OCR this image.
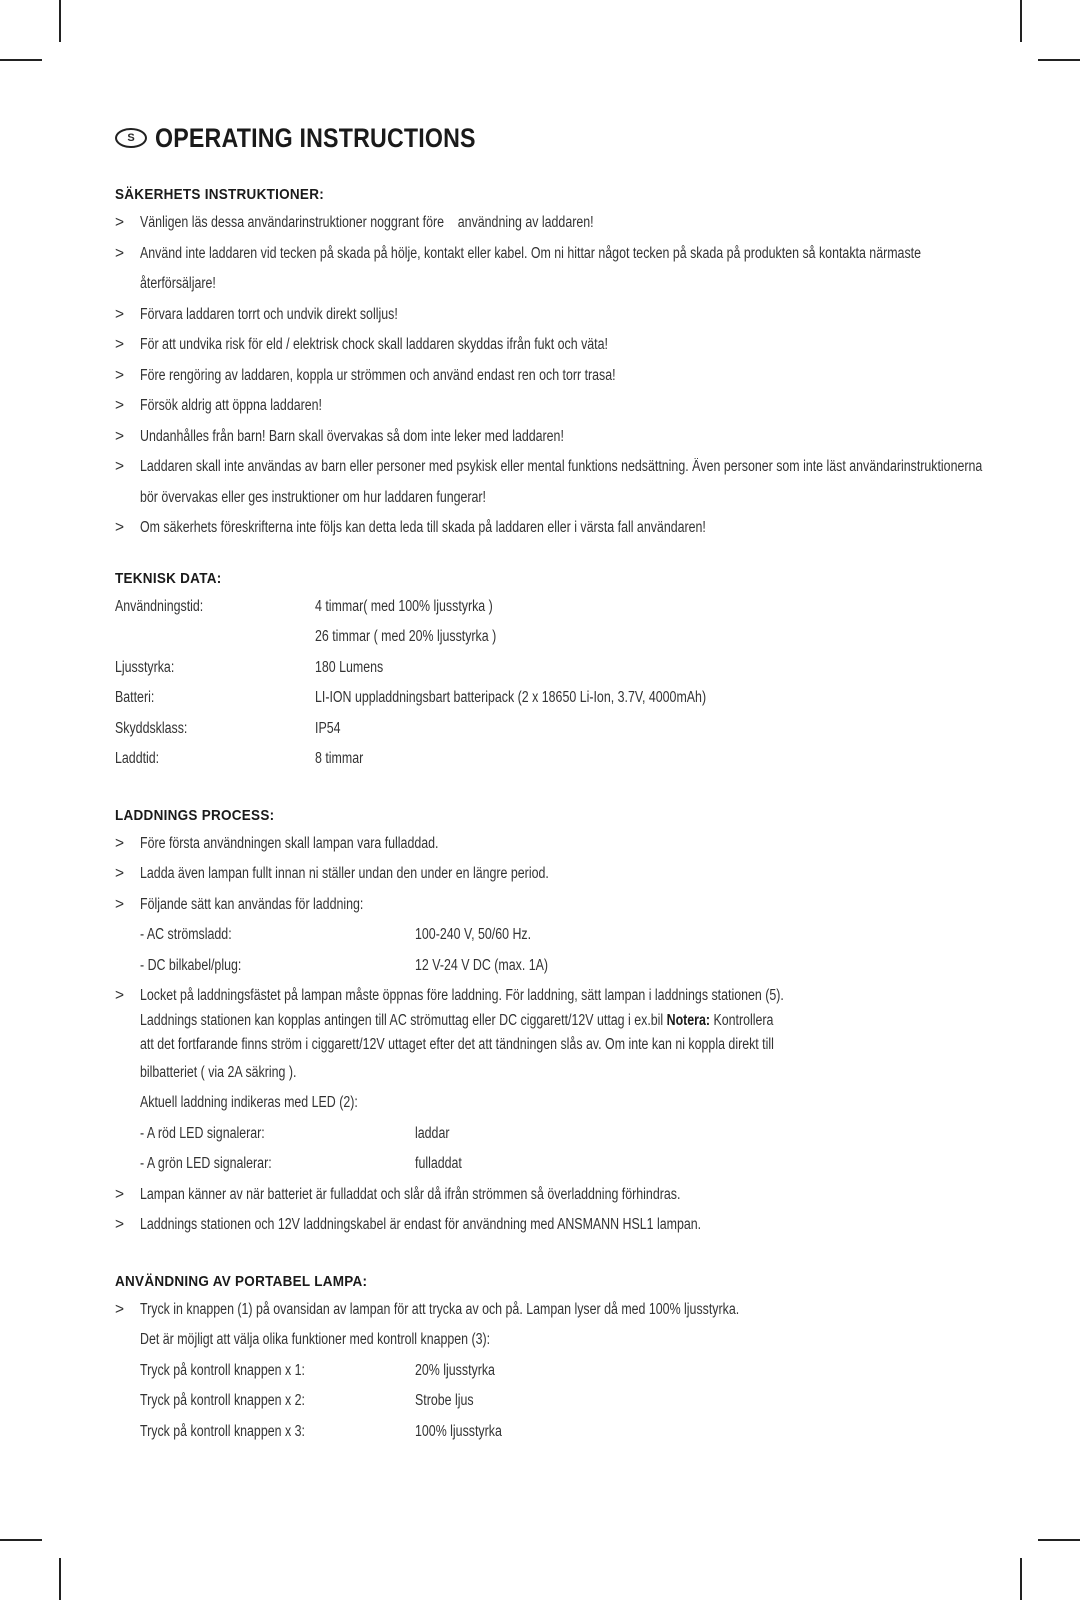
S OPERATING INSTRUCTIONS
SÄKERHETS INSTRUKTIONER:
>	Vänligen läs dessa användarinstruktioner noggrant före    användning av laddaren!
>	Använd inte laddaren vid tecken på skada på hölje, kontakt eller kabel. Om ni hittar något tecken på skada på produkten så kontakta närmaste återförsäljare!
>	Förvara laddaren torrt och undvik direkt solljus!
>	För att undvika risk för eld / elektrisk chock skall laddaren skyddas ifrån fukt och väta!
>	Före rengöring av laddaren, koppla ur strömmen och använd endast ren och torr trasa!
>	Försök aldrig att öppna laddaren!
>	Undanhålles från barn! Barn skall övervakas så dom inte leker med laddaren!
>	Laddaren skall inte användas av barn eller personer med psykisk eller mental funktions nedsättning. Även personer som inte läst användarinstruktionerna bör övervakas eller ges instruktioner om hur laddaren fungerar!
>	Om säkerhets föreskrifterna inte följs kan detta leda till skada på laddaren eller i värsta fall användaren!
TEKNISK DATA:
Användningstid:	4 timmar( med 100% ljusstyrka )
26 timmar ( med 20% ljusstyrka )
Ljusstyrka:	180 Lumens
Batteri:	LI-ION uppladdningsbart batteripack (2 x 18650 Li-Ion, 3.7V, 4000mAh)
Skyddsklass:	IP54
Laddtid:	8 timmar
LADDNINGS PROCESS:
>	Före första användningen skall lampan vara fulladdad.
>	Ladda även lampan fullt innan ni ställer undan den under en längre period.
>	Följande sätt kan användas för laddning:
- AC strömsladd:	100-240 V, 50/60 Hz.
- DC bilkabel/plug:	12 V-24 V DC (max. 1A)
>	Locket på laddningsfästet på lampan måste öppnas före laddning. För laddning, sätt lampan i laddnings stationen (5).
Laddnings stationen kan kopplas antingen till AC strömuttag eller DC ciggarett/12V uttag i ex.bil Notera: Kontrollera
att det fortfarande finns ström i ciggarett/12V uttaget efter det att tändningen slås av. Om inte kan ni koppla direkt till
bilbatteriet ( via 2A säkring ).
Aktuell laddning indikeras med LED (2):
- A röd LED signalerar:	laddar
- A grön LED signalerar:	fulladdat
>	Lampan känner av när batteriet är fulladdat och slår då ifrån strömmen så överladdning förhindras.
>	Laddnings stationen och 12V laddningskabel är endast för användning med ANSMANN HSL1 lampan.
ANVÄNDNING AV PORTABEL LAMPA:
>	Tryck in knappen (1) på ovansidan av lampan för att trycka av och på. Lampan lyser då med 100% ljusstyrka.
Det är möjligt att välja olika funktioner med kontroll knappen (3):
Tryck på kontroll knappen x 1:	20% ljusstyrka
Tryck på kontroll knappen x 2:	Strobe ljus
Tryck på kontroll knappen x 3:	100% ljusstyrka
